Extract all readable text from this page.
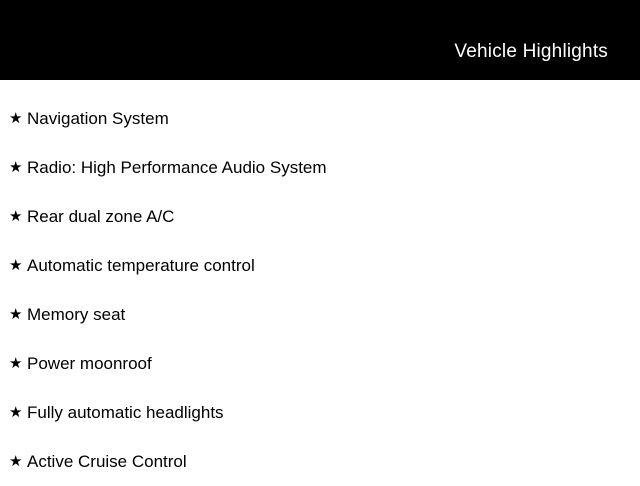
Vehicle Highlights
★ Navigation System
★ Radio: High Performance Audio System
★ Rear dual zone A/C
★ Automatic temperature control
★ Memory seat
★ Power moonroof
★ Fully automatic headlights
★ Active Cruise Control
